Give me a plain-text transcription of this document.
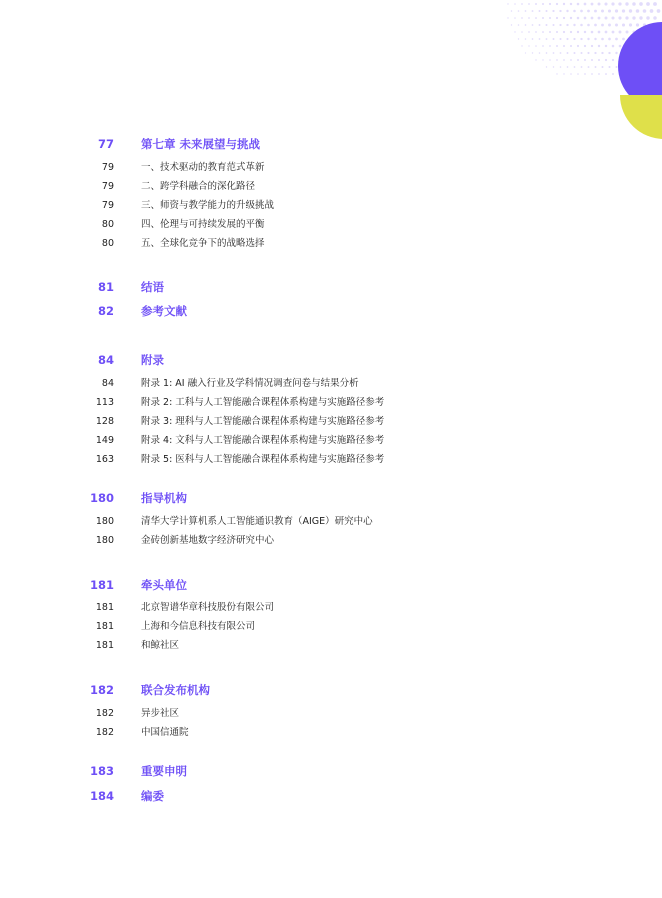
77 第七章 未来展望与挑战
79	一、技术驱动的教育范式革新
79	二、跨学科融合的深化路径
79	三、师资与教学能力的升级挑战
80	四、伦理与可持续发展的平衡
80	五、全球化竞争下的战略选择
81 结语
82 参考文献
84 附录
84	附录 1: AI 融入行业及学科情况调查问卷与结果分析
113	附录 2: 工科与人工智能融合课程体系构建与实施路径参考
128	附录 3: 理科与人工智能融合课程体系构建与实施路径参考
149	附录 4: 文科与人工智能融合课程体系构建与实施路径参考
163	附录 5: 医科与人工智能融合课程体系构建与实施路径参考
180 指导机构
180	清华大学计算机系人工智能通识教育（AIGE）研究中心
180	金砖创新基地数字经济研究中心
181 牵头单位
181	北京智谱华章科技股份有限公司
181	上海和今信息科技有限公司
181	和鲸社区
182 联合发布机构
182	异步社区
182	中国信通院
183 重要申明
184 编委
